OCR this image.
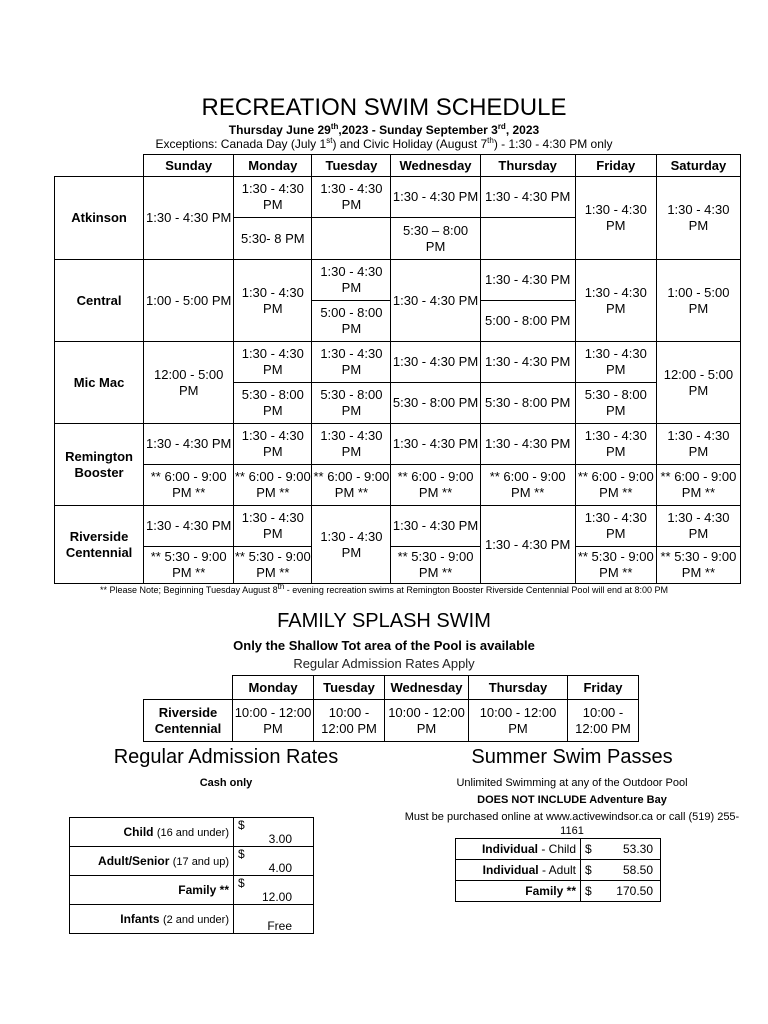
RECREATION SWIM SCHEDULE
Thursday June 29th,2023 - Sunday September 3rd, 2023
Exceptions: Canada Day (July 1st) and Civic Holiday (August 7th) - 1:30 - 4:30 PM only
	Sunday	Monday	Tuesday	Wednesday	Thursday	Friday	Saturday
Atkinson	1:30 - 4:30 PM	1:30 - 4:30 PM	1:30 - 4:30 PM	1:30 - 4:30 PM	1:30 - 4:30 PM	1:30 - 4:30 PM	1:30 - 4:30 PM
		5:30- 8 PM		5:30 – 8:00 PM			
Central	1:00 - 5:00 PM	1:30 - 4:30 PM	1:30 - 4:30 PM	1:30 - 4:30 PM	1:30 - 4:30 PM	1:30 - 4:30 PM	1:00 - 5:00 PM
			5:00 - 8:00 PM		5:00 - 8:00 PM		
Mic Mac	12:00 - 5:00 PM	1:30 - 4:30 PM	1:30 - 4:30 PM	1:30 - 4:30 PM	1:30 - 4:30 PM	1:30 - 4:30 PM	12:00 - 5:00 PM
		5:30 - 8:00 PM	5:30 - 8:00 PM	5:30 - 8:00 PM	5:30 - 8:00 PM	5:30 - 8:00 PM	
Remington
Booster	1:30 - 4:30 PM	1:30 - 4:30 PM	1:30 - 4:30 PM	1:30 - 4:30 PM	1:30 - 4:30 PM	1:30 - 4:30 PM	1:30 - 4:30 PM
	** 6:00 - 9:00 PM **	** 6:00 - 9:00 PM **	** 6:00 - 9:00 PM **	** 6:00 - 9:00 PM **	** 6:00 - 9:00 PM **	** 6:00 - 9:00 PM **	** 6:00 - 9:00 PM **
Riverside
Centennial	1:30 - 4:30 PM	1:30 - 4:30 PM	1:30 - 4:30 PM	1:30 - 4:30 PM	1:30 - 4:30 PM	1:30 - 4:30 PM	1:30 - 4:30 PM
	** 5:30 - 9:00 PM **	** 5:30 - 9:00 PM **		** 5:30 - 9:00 PM **		** 5:30 - 9:00 PM **	** 5:30 - 9:00 PM **
** Please Note; Beginning Tuesday August 8th - evening recreation swims at Remington Booster Riverside Centennial Pool will end at 8:00 PM
FAMILY SPLASH SWIM
Only the Shallow Tot area of the Pool is available
Regular Admission Rates Apply
	Monday	Tuesday	Wednesday	Thursday	Friday
Riverside
Centennial	10:00 - 12:00 PM	10:00 - 12:00 PM	10:00 - 12:00 PM	10:00 - 12:00 PM	10:00 - 12:00 PM
Regular Admission Rates
Cash only
Child (16 and under)	$3.00
Adult/Senior (17 and up)	$4.00
Family **	$12.00
Infants (2 and under)	Free
Summer Swim Passes
Unlimited Swimming at any of the Outdoor Pool
DOES NOT INCLUDE Adventure Bay
Must be purchased online at www.activewindsor.ca or call (519) 255-1161
Individual - Child	$ 53.30
Individual - Adult	$ 58.50
Family **	$ 170.50
